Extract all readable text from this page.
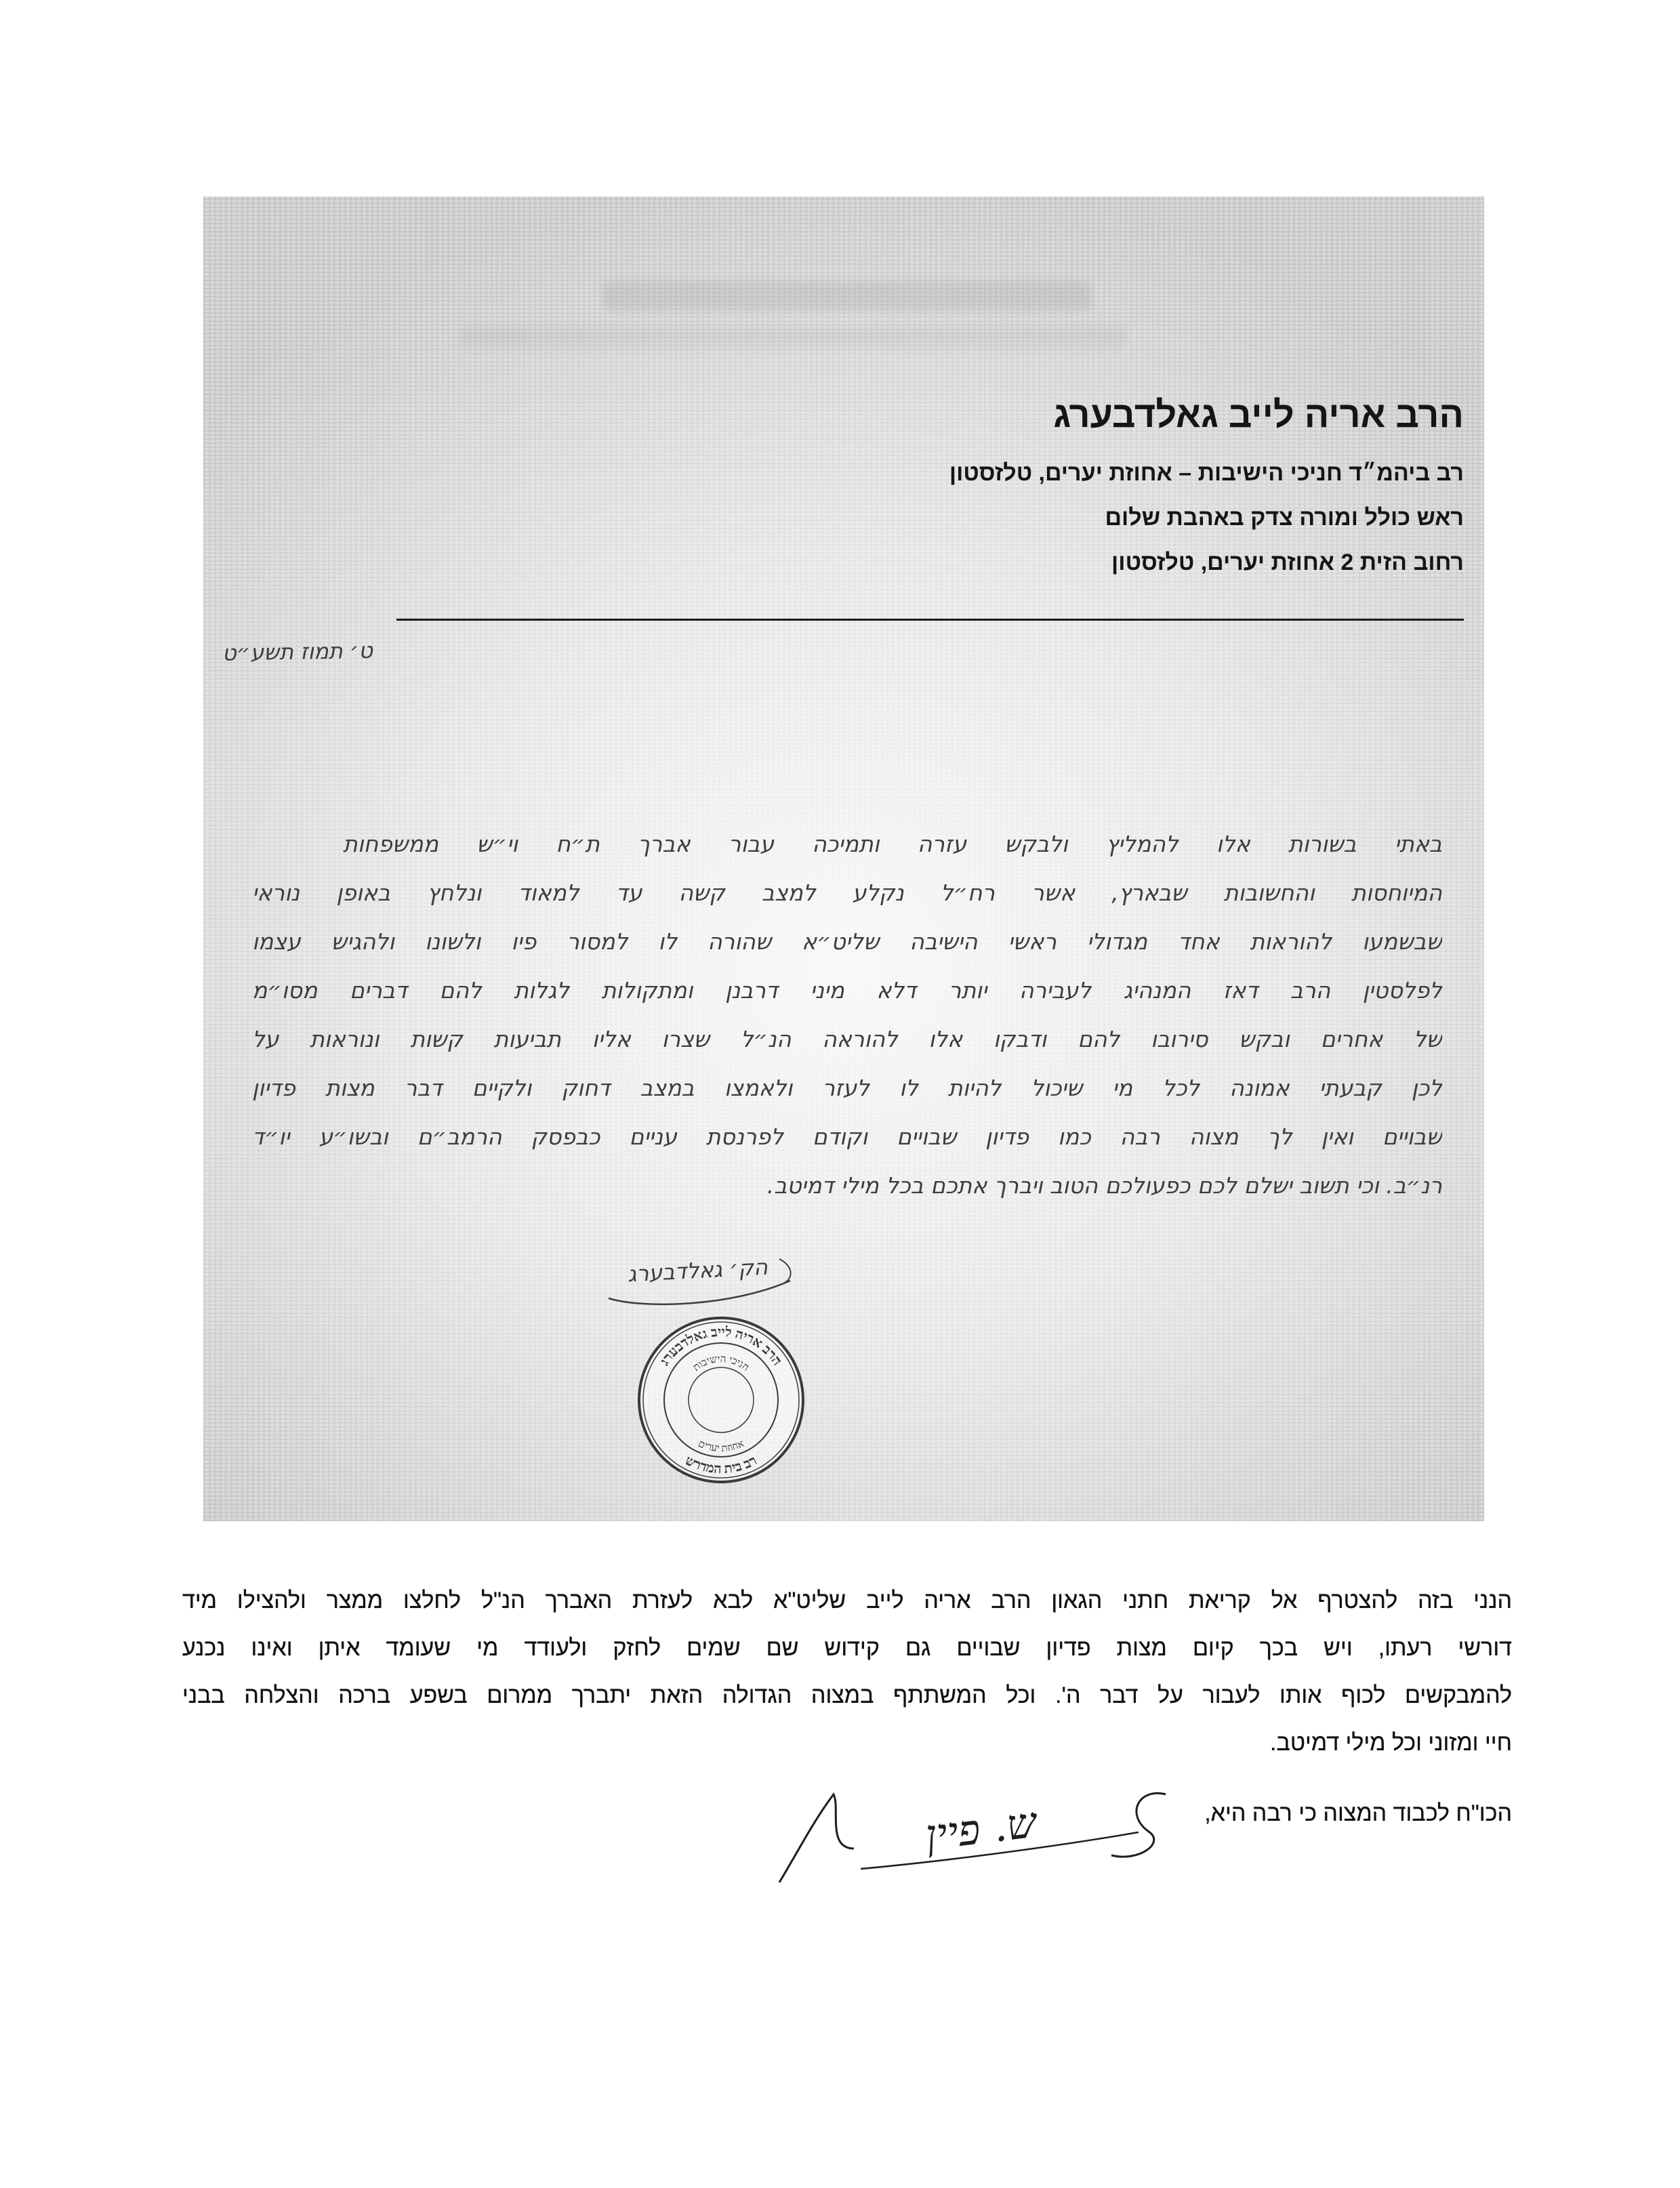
הרב אריה לייב גאלדבערג
רב ביהמ״ד חניכי הישיבות – אחוזת יערים, טלזסטון
ראש כולל ומורה צדק באהבת שלום
רחוב הזית 2 אחוזת יערים, טלזסטון
ט׳ תמוז תשע״ט
באתי בשורות אלו להמליץ ולבקש עזרה ותמיכה עבור אברך ת״ח וי״ש ממשפחות
המיוחסות והחשובות שבארץ, אשר רח״ל נקלע למצב קשה עד למאוד ונלחץ באופן נוראי
שבשמעו להוראות אחד מגדולי ראשי הישיבה שליט״א שהורה לו למסור פיו ולשונו ולהגיש עצמו
לפלסטין הרב דאז המנהיג לעבירה יותר דלא מיני דרבנן ומתקולות לגלות להם דברים מסו״מ
של אחרים ובקש סירובו להם ודבקו אלו להוראה הנ״ל שצרו אליו תביעות קשות ונוראות על
לכן קבעתי אמונה לכל מי שיכול להיות לו לעזר ולאמצו במצב דחוק ולקיים דבר מצות פדיון
שבויים ואין לך מצוה רבה כמו פדיון שבויים וקודם לפרנסת עניים כבפסק הרמב״ם ובשו״ע יו״ד
רנ״ב. וכי תשוב ישלם לכם כפעולכם הטוב ויברך אתכם בכל מילי דמיטב.
הק׳ גאלדבערג
הרב אריה לייב גאלדבערג
רב בית המדרש
חניכי הישיבות
אחוזת יערים
הנני בזה להצטרף אל קריאת חתני הגאון הרב אריה לייב שליט"א לבא לעזרת האברך הנ"ל לחלצו ממצר ולהצילו מיד
דורשי רעתו, ויש בכך קיום מצות פדיון שבויים גם קידוש שם שמים לחזק ולעודד מי שעומד איתן ואינו נכנע
להמבקשים לכוף אותו לעבור על דבר ה'. וכל המשתתף במצוה הגדולה הזאת יתברך ממרום בשפע ברכה והצלחה בבני
חיי ומזוני וכל מילי דמיטב.
הכו"ח לכבוד המצוה כי רבה היא,
ש. פיין
